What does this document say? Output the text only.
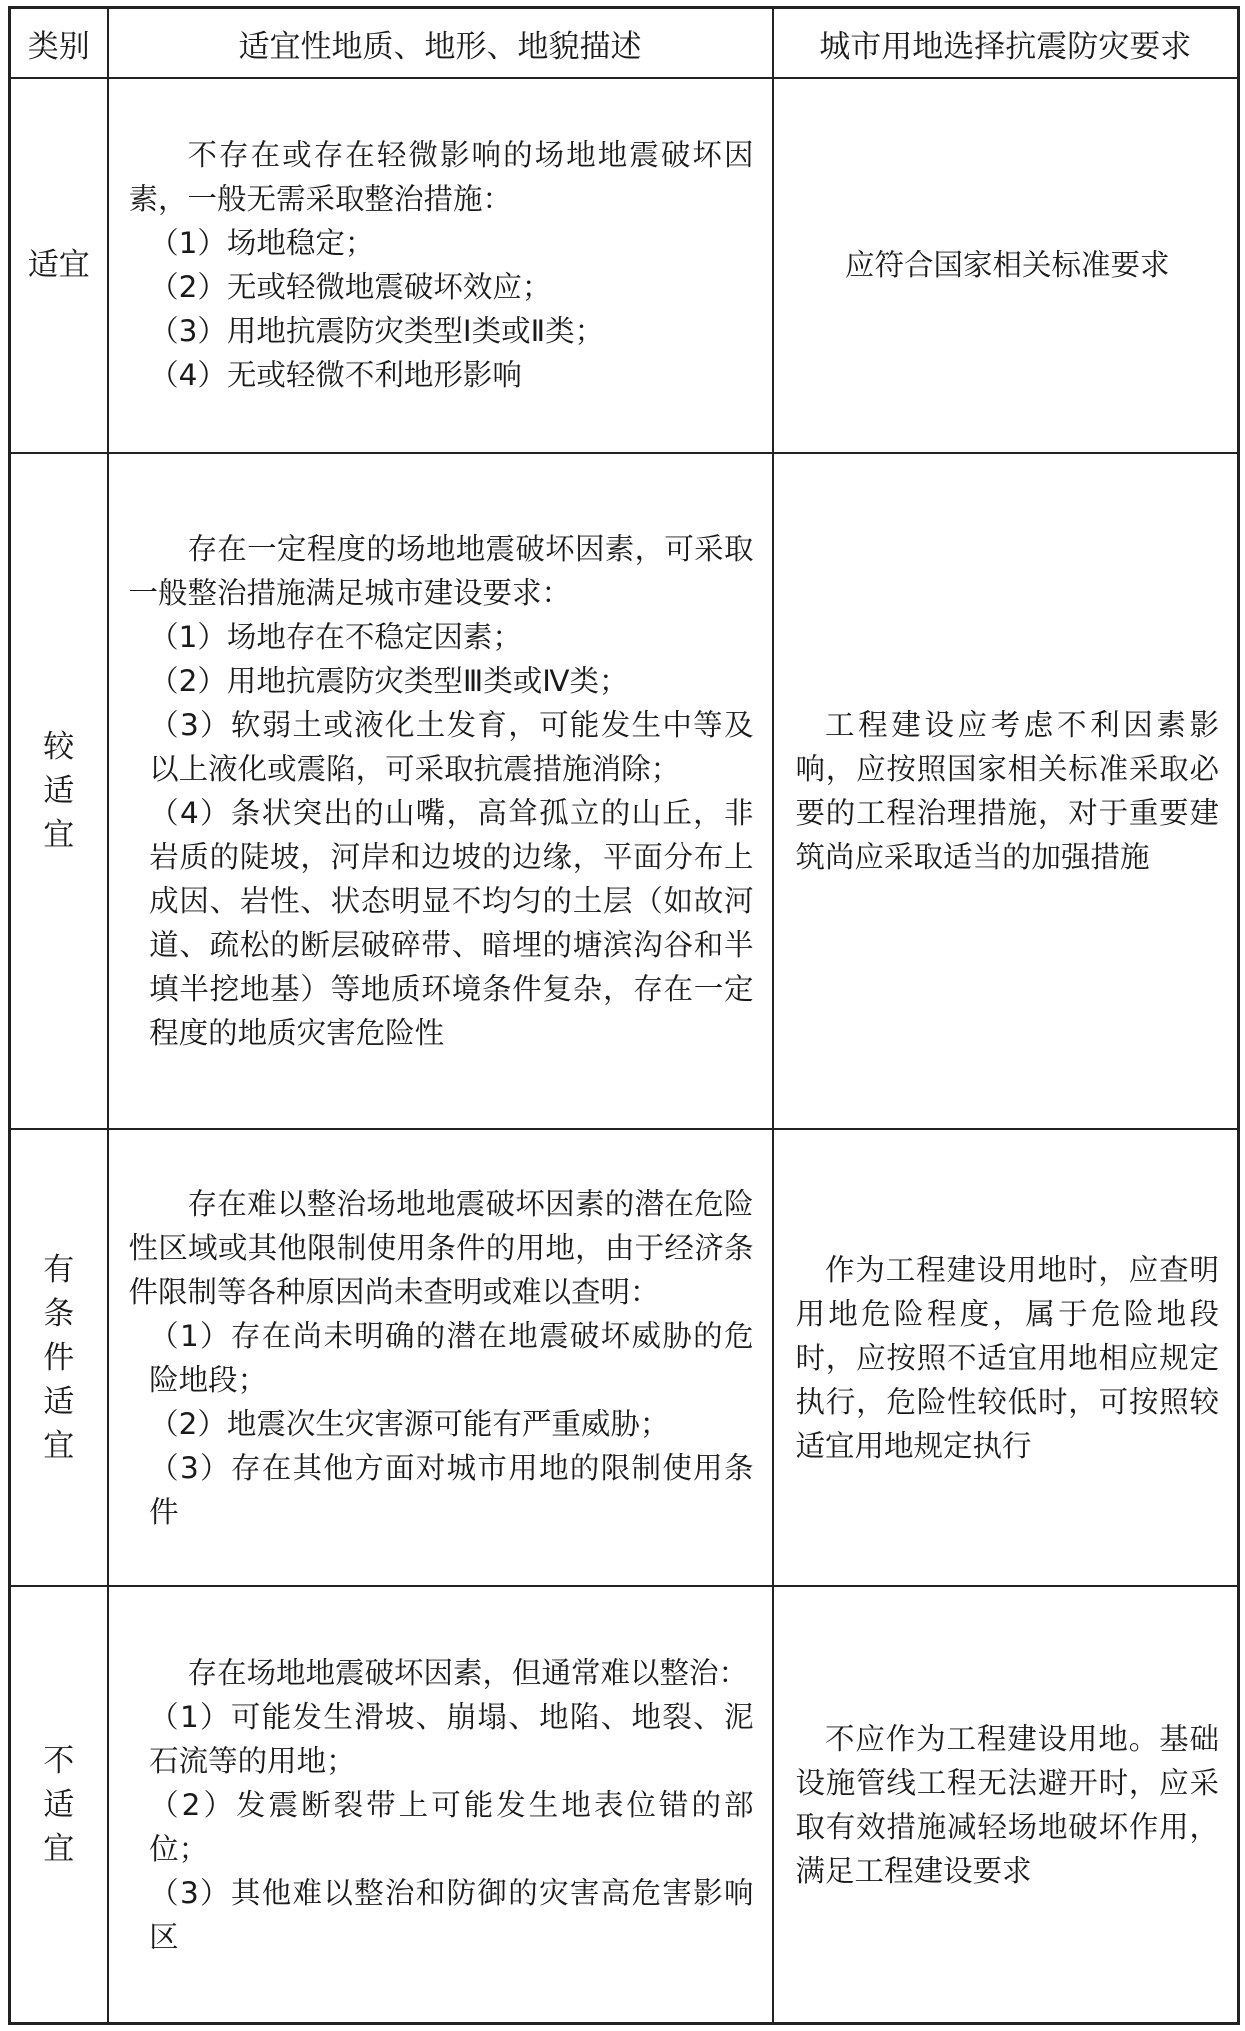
类别	适宜性地质、地形、地貌描述	城市用地选择抗震防灾要求
适宜	不存在或存在轻微影响的场地地震破坏因素，一般无需采取整治措施：

（1）场地稳定；

（2）无或轻微地震破坏效应；

（3）用地抗震防灾类型Ⅰ类或Ⅱ类；

（4）无或轻微不利地形影响	应符合国家相关标准要求

较适宜	存在一定程度的场地地震破坏因素，可采取一般整治措施满足城市建设要求：

（1）场地存在不稳定因素；

（2）用地抗震防灾类型Ⅲ类或Ⅳ类；

（3）软弱土或液化土发育，可能发生中等及以上液化或震陷，可采取抗震措施消除；

（4）条状突出的山嘴，高耸孤立的山丘，非岩质的陡坡，河岸和边坡的边缘，平面分布上成因、岩性、状态明显不均匀的土层（如故河道、疏松的断层破碎带、暗埋的塘滨沟谷和半填半挖地基）等地质环境条件复杂，存在一定程度的地质灾害危险性	工程建设应考虑不利因素影响，应按照国家相关标准采取必要的工程治理措施，对于重要建筑尚应采取适当的加强措施

有条件适宜	存在难以整治场地地震破坏因素的潜在危险性区域或其他限制使用条件的用地，由于经济条件限制等各种原因尚未查明或难以查明：

（1）存在尚未明确的潜在地震破坏威胁的危险地段；

（2）地震次生灾害源可能有严重威胁；

（3）存在其他方面对城市用地的限制使用条件	作为工程建设用地时，应查明用地危险程度，属于危险地段时，应按照不适宜用地相应规定执行，危险性较低时，可按照较适宜用地规定执行

不适宜	存在场地地震破坏因素，但通常难以整治：

（1）可能发生滑坡、崩塌、地陷、地裂、泥石流等的用地；

（2）发震断裂带上可能发生地表位错的部位；

（3）其他难以整治和防御的灾害高危害影响区	不应作为工程建设用地。基础设施管线工程无法避开时，应采取有效措施减轻场地破坏作用，满足工程建设要求
